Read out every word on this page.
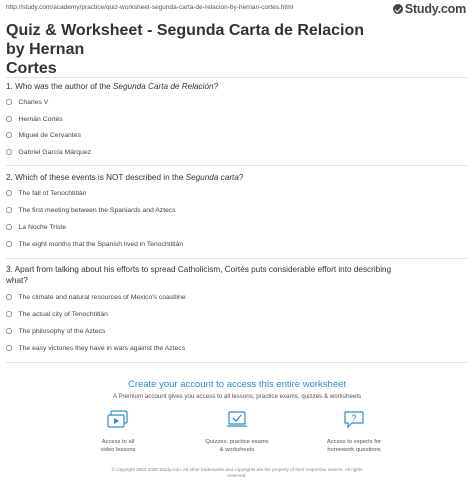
http://study.com/academy/practice/quiz-worksheet-segunda-carta-de-relacion-by-hernan-cortes.html	Study.com
Quiz & Worksheet - Segunda Carta de Relacion by Hernan
Cortes
1. Who was the author of the Segunda Carta de Relación?
Charles V
Hernán Cortés
Miguel de Cervantes
Gabriel García Márquez
2. Which of these events is NOT described in the Segunda carta?
The fall of Tenochtitlán
The first meeting between the Spaniards and Aztecs
La Noche Triste
The eight months that the Spanish lived in Tenochtitlán
3. Apart from talking about his efforts to spread Catholicism, Cortés puts considerable effort into describing
what?
The climate and natural resources of Mexico's coastline
The actual city of Tenochtitlán
The philosophy of the Aztecs
The easy victories they have in wars against the Aztecs
Create your account to access this entire worksheet
A Premium account gives you access to all lessons, practice exams, quizzes & worksheets
Access to all
video lessons
Quizzes, practice exams
& worksheets
?
Access to experts for
homework questions
© copyright 2003-2020 Study.com. All other trademarks and copyrights are the property of their respective owners. All rights
reserved.
